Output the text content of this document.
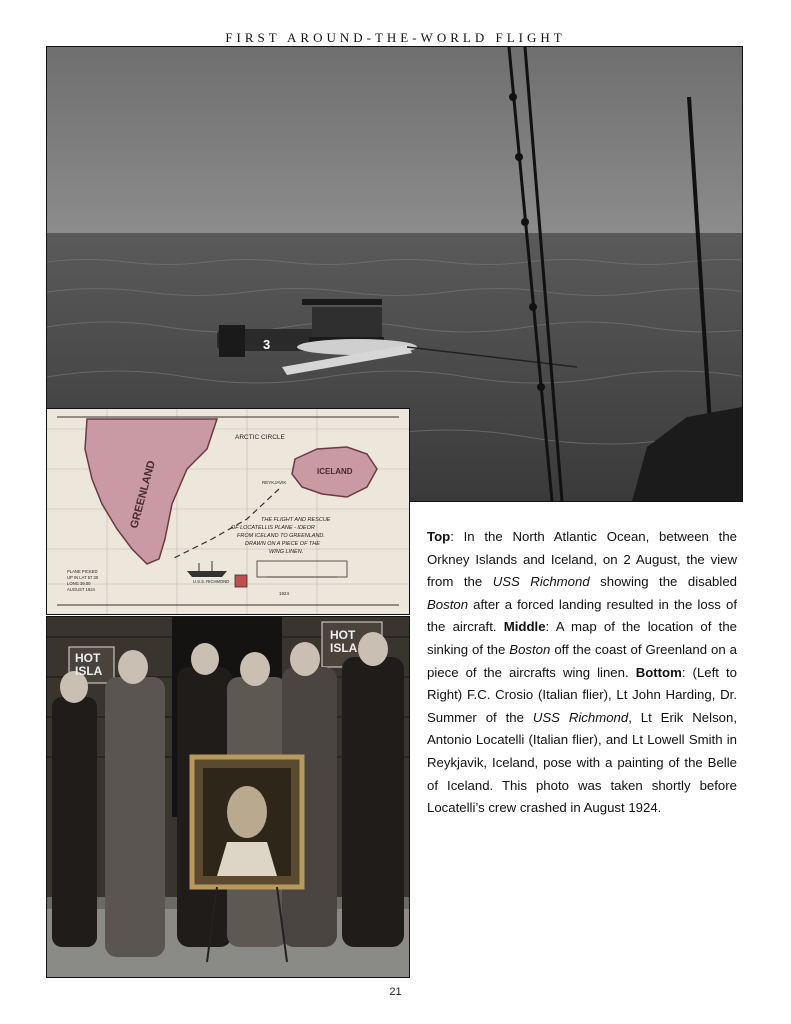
FIRST AROUND-THE-WORLD FLIGHT
3
ARCTIC CIRCLE
GREENLAND	ICELAND
REYKJAVIK
THE FLIGHT AND RESCUE
OF LOCATELLIS PLANE - IDEOR
FROM ICELAND TO GREENLAND.
DRAWN ON A PIECE OF THE
WING LINEN.
PLANE PICKED
UP IN LAT 57.30
LONG 39.00
AUGUST 1924
U.S.S. RICHMOND
1924
HOT
ISLA
HOT
ISLA
Top: In the North Atlantic Ocean, between the Orkney Islands and Iceland, on 2 August, the view from the USS Richmond showing the disabled Boston after a forced landing resulted in the loss of the aircraft. Middle: A map of the location of the sinking of the Boston off the coast of Greenland on a piece of the aircrafts wing linen. Bottom: (Left to Right) F.C. Crosio (Italian flier), Lt John Harding, Dr. Summer of the USS Richmond, Lt Erik Nelson, Antonio Locatelli (Italian flier), and Lt Lowell Smith in Reykjavik, Iceland, pose with a painting of the Belle of Iceland. This photo was taken shortly before Locatelli’s crew crashed in August 1924.
21
